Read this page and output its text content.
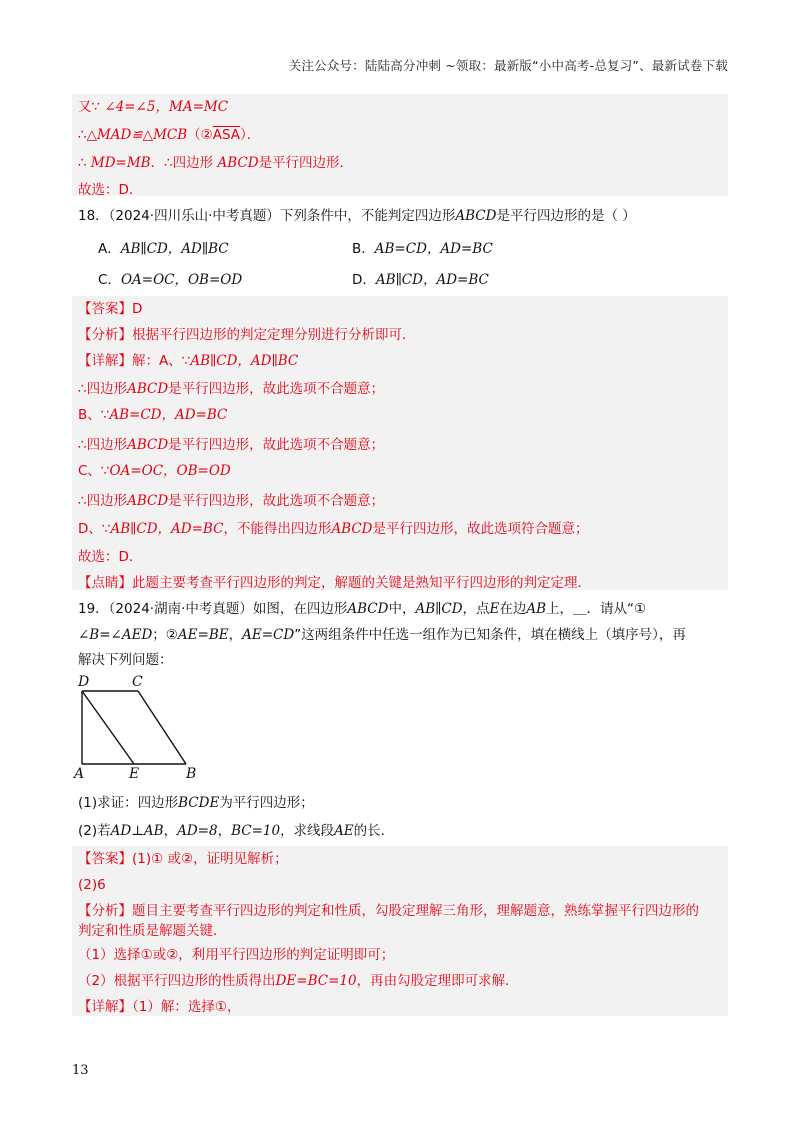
关注公众号：陆陆高分冲刺 ~领取：最新版“小中高考-总复习”、最新试卷下载
又∵ ∠4=∠5，MA=MC
$\therefore\triangle MAD≌\triangle MCB(②\overline{ASA})$．
∴ MD=MB．∴四边形 ABCD是平行四边形．
故选：D．
18．（2024·四川乐山·中考真题）下列条件中，不能判定四边形ABCD是平行四边形的是（ ）
A．AB∥CD，AD∥BC	B．AB=CD，AD=BC
C．OA=OC，OB=OD	D．AB∥CD，AD=BC
【答案】D
【分析】根据平行四边形的判定定理分别进行分析即可．
【详解】解：A、∵AB∥CD，AD∥BC
∴四边形ABCD是平行四边形，故此选项不合题意；
B、∵AB=CD，AD=BC
∴四边形ABCD是平行四边形，故此选项不合题意；
C、∵OA=OC，OB=OD
∴四边形ABCD是平行四边形，故此选项不合题意；
D、∵AB∥CD，AD=BC，不能得出四边形ABCD是平行四边形，故此选项符合题意；
故选：D．
【点睛】此题主要考查平行四边形的判定，解题的关键是熟知平行四边形的判定定理．
19．（2024·湖南·中考真题）如图，在四边形ABCD中，AB∥CD，点E在边AB上，＿．请从“①
∠B=∠AED；②AE=BE，AE=CD”这两组条件中任选一组作为已知条件，填在横线上（填序号），再
解决下列问题：
D	C
A	E	B
(1)求证：四边形BCDE为平行四边形；
(2)若AD⊥AB，AD=8，BC=10，求线段AE的长．
【答案】(1)① 或②，证明见解析；
(2)6
【分析】题目主要考查平行四边形的判定和性质，勾股定理解三角形，理解题意，熟练掌握平行四边形的
判定和性质是解题关键．
（1）选择①或②，利用平行四边形的判定证明即可；
（2）根据平行四边形的性质得出DE=BC=10，再由勾股定理即可求解．
【详解】（1）解：选择①，
13
